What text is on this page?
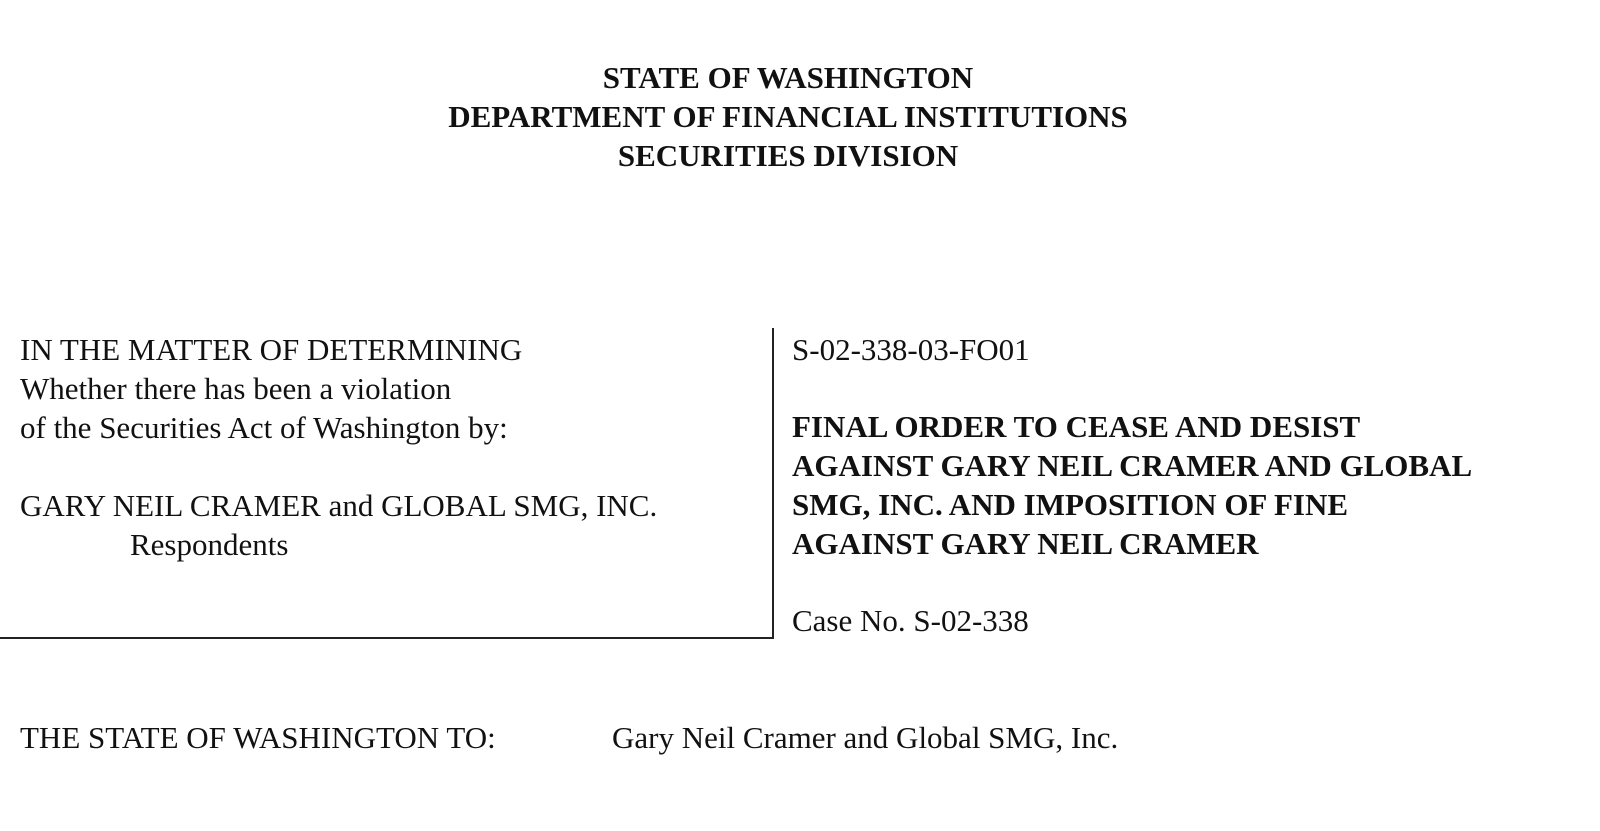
STATE OF WASHINGTON
DEPARTMENT OF FINANCIAL INSTITUTIONS
SECURITIES DIVISION
IN THE MATTER OF DETERMINING
Whether there has been a violation
of the Securities Act of Washington by:
GARY NEIL CRAMER and GLOBAL SMG, INC.
Respondents
S-02-338-03-FO01
FINAL ORDER TO CEASE AND DESIST
AGAINST GARY NEIL CRAMER AND GLOBAL
SMG, INC. AND IMPOSITION OF FINE
AGAINST GARY NEIL CRAMER
Case No. S-02-338
THE STATE OF WASHINGTON TO:	Gary Neil Cramer and Global SMG, Inc.
